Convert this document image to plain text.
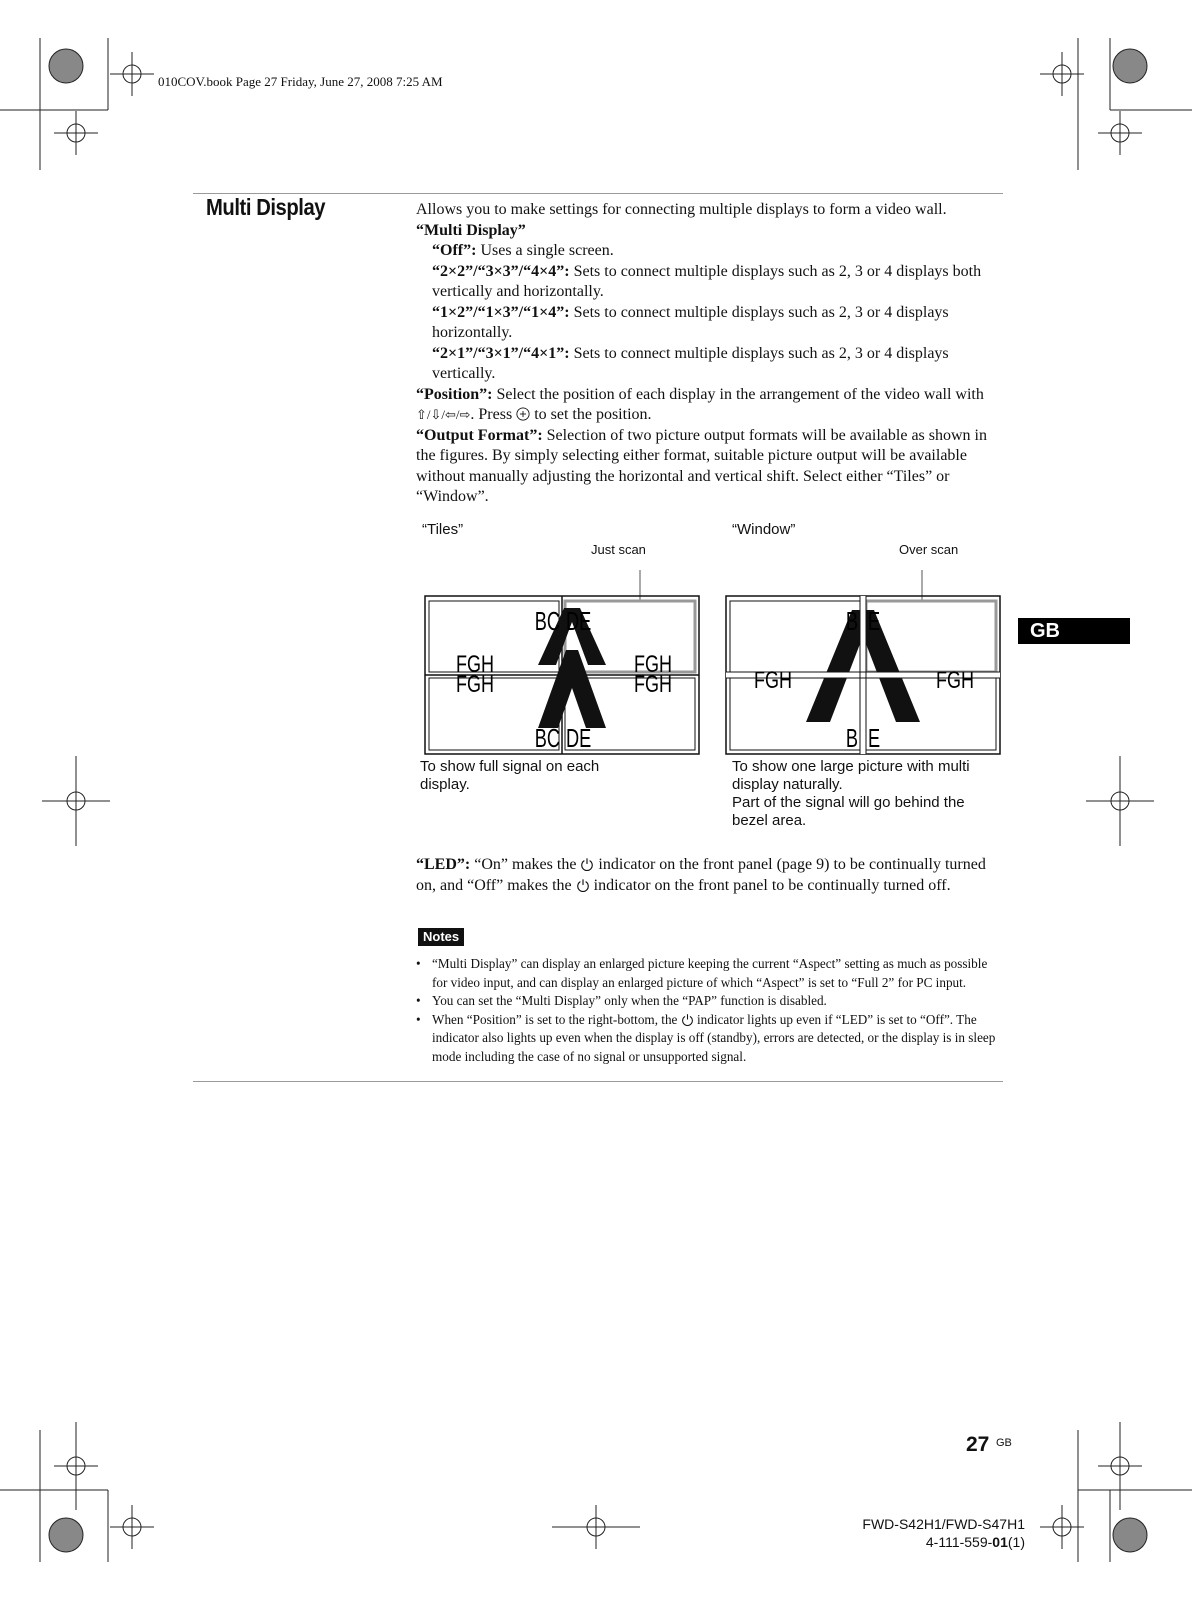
010COV.book Page 27 Friday, June 27, 2008 7:25 AM
Multi Display	Allows you to make settings for connecting multiple displays to form a video wall.

“Multi Display”

“Off”: Uses a single screen.

“2×2”/“3×3”/“4×4”: Sets to connect multiple displays such as 2, 3 or 4 displays both vertically and horizontally.

“1×2”/“1×3”/“1×4”: Sets to connect multiple displays such as 2, 3 or 4 displays horizontally.

“2×1”/“3×1”/“4×1”: Sets to connect multiple displays such as 2, 3 or 4 displays vertically.

“Position”: Select the position of each display in the arrangement of the video wall with ⇧/⇩/⇦/⇨. Press  to set the position.

“Output Format”: Selection of two picture output formats will be available as shown in the figures. By simply selecting either format, suitable picture output will be available without manually adjusting the horizontal and vertical shift. Select either “Tiles” or “Window”.

“Tiles”
Just scan
“Window”
Over scan
BC DE
FGH
FGH
FGH
FGH
BC DE
B E
FGH	FGH
B E
To show full signal on each display.
To show one large picture with multi display naturally.
Part of the signal will go behind the bezel area.
GB

“LED”: “On” makes the  indicator on the front panel (page 9) to be continually turned on, and “Off” makes the  indicator on the front panel to be continually turned off.

Notes
• “Multi Display” can display an enlarged picture keeping the current “Aspect” setting as much as possible for video input, and can display an enlarged picture of which “Aspect” is set to “Full 2” for PC input.
• You can set the “Multi Display” only when the “PAP” function is disabled.
• When “Position” is set to the right-bottom, the  indicator lights up even if “LED” is set to “Off”. The indicator also lights up even when the display is off (standby), errors are detected, or the display is in sleep mode including the case of no signal or unsupported signal.
27 GB
FWD-S42H1/FWD-S47H1
4-111-559-01(1)
